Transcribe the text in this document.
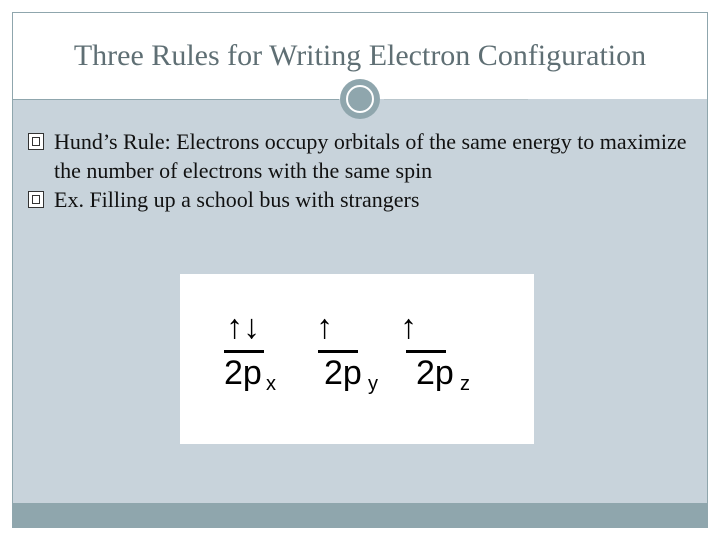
Three Rules for Writing Electron Configuration
Hund’s Rule: Electrons occupy orbitals of the same energy to maximize the number of electrons with the same spin
Ex. Filling up a school bus with strangers
↑↓
2p x
↑
2p y
↑
2p z
